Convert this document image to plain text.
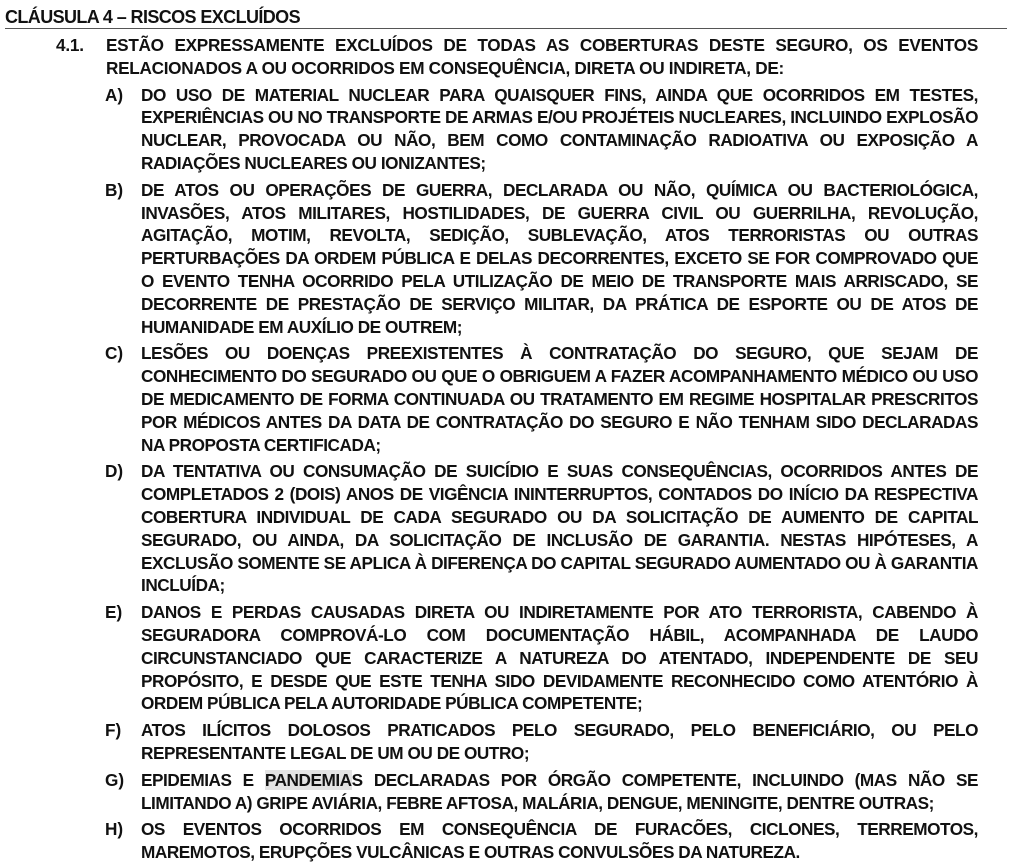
CLÁUSULA 4 – RISCOS EXCLUÍDOS
4.1. ESTÃO EXPRESSAMENTE EXCLUÍDOS DE TODAS AS COBERTURAS DESTE SEGURO, OS EVENTOS RELACIONADOS A OU OCORRIDOS EM CONSEQUÊNCIA, DIRETA OU INDIRETA, DE:
A) DO USO DE MATERIAL NUCLEAR PARA QUAISQUER FINS, AINDA QUE OCORRIDOS EM TESTES, EXPERIÊNCIAS OU NO TRANSPORTE DE ARMAS E/OU PROJÉTEIS NUCLEARES, INCLUINDO EXPLOSÃO NUCLEAR, PROVOCADA OU NÃO, BEM COMO CONTAMINAÇÃO RADIOATIVA OU EXPOSIÇÃO A RADIAÇÕES NUCLEARES OU IONIZANTES;
B) DE ATOS OU OPERAÇÕES DE GUERRA, DECLARADA OU NÃO, QUÍMICA OU BACTERIOLÓGICA, INVASÕES, ATOS MILITARES, HOSTILIDADES, DE GUERRA CIVIL OU GUERRILHA, REVOLUÇÃO, AGITAÇÃO, MOTIM, REVOLTA, SEDIÇÃO, SUBLEVAÇÃO, ATOS TERRORISTAS OU OUTRAS PERTURBAÇÕES DA ORDEM PÚBLICA E DELAS DECORRENTES, EXCETO SE FOR COMPROVADO QUE O EVENTO TENHA OCORRIDO PELA UTILIZAÇÃO DE MEIO DE TRANSPORTE MAIS ARRISCADO, SE DECORRENTE DE PRESTAÇÃO DE SERVIÇO MILITAR, DA PRÁTICA DE ESPORTE OU DE ATOS DE HUMANIDADE EM AUXÍLIO DE OUTREM;
C) LESÕES OU DOENÇAS PREEXISTENTES À CONTRATAÇÃO DO SEGURO, QUE SEJAM DE CONHECIMENTO DO SEGURADO OU QUE O OBRIGUEM A FAZER ACOMPANHAMENTO MÉDICO OU USO DE MEDICAMENTO DE FORMA CONTINUADA OU TRATAMENTO EM REGIME HOSPITALAR PRESCRITOS POR MÉDICOS ANTES DA DATA DE CONTRATAÇÃO DO SEGURO E NÃO TENHAM SIDO DECLARADAS NA PROPOSTA CERTIFICADA;
D) DA TENTATIVA OU CONSUMAÇÃO DE SUICÍDIO E SUAS CONSEQUÊNCIAS, OCORRIDOS ANTES DE COMPLETADOS 2 (DOIS) ANOS DE VIGÊNCIA ININTERRUPTOS, CONTADOS DO INÍCIO DA RESPECTIVA COBERTURA INDIVIDUAL DE CADA SEGURADO OU DA SOLICITAÇÃO DE AUMENTO DE CAPITAL SEGURADO, OU AINDA, DA SOLICITAÇÃO DE INCLUSÃO DE GARANTIA. NESTAS HIPÓTESES, A EXCLUSÃO SOMENTE SE APLICA À DIFERENÇA DO CAPITAL SEGURADO AUMENTADO OU À GARANTIA INCLUÍDA;
E) DANOS E PERDAS CAUSADAS DIRETA OU INDIRETAMENTE POR ATO TERRORISTA, CABENDO À SEGURADORA COMPROVÁ-LO COM DOCUMENTAÇÃO HÁBIL, ACOMPANHADA DE LAUDO CIRCUNSTANCIADO QUE CARACTERIZE A NATUREZA DO ATENTADO, INDEPENDENTE DE SEU PROPÓSITO, E DESDE QUE ESTE TENHA SIDO DEVIDAMENTE RECONHECIDO COMO ATENTÓRIO À ORDEM PÚBLICA PELA AUTORIDADE PÚBLICA COMPETENTE;
F) ATOS ILÍCITOS DOLOSOS PRATICADOS PELO SEGURADO, PELO BENEFICIÁRIO, OU PELO REPRESENTANTE LEGAL DE UM OU DE OUTRO;
G) EPIDEMIAS E PANDEMIAS DECLARADAS POR ÓRGÃO COMPETENTE, INCLUINDO (MAS NÃO SE LIMITANDO A) GRIPE AVIÁRIA, FEBRE AFTOSA, MALÁRIA, DENGUE, MENINGITE, DENTRE OUTRAS;
H) OS EVENTOS OCORRIDOS EM CONSEQUÊNCIA DE FURACÕES, CICLONES, TERREMOTOS, MAREMOTOS, ERUPÇÕES VULCÂNICAS E OUTRAS CONVULSÕES DA NATUREZA.
